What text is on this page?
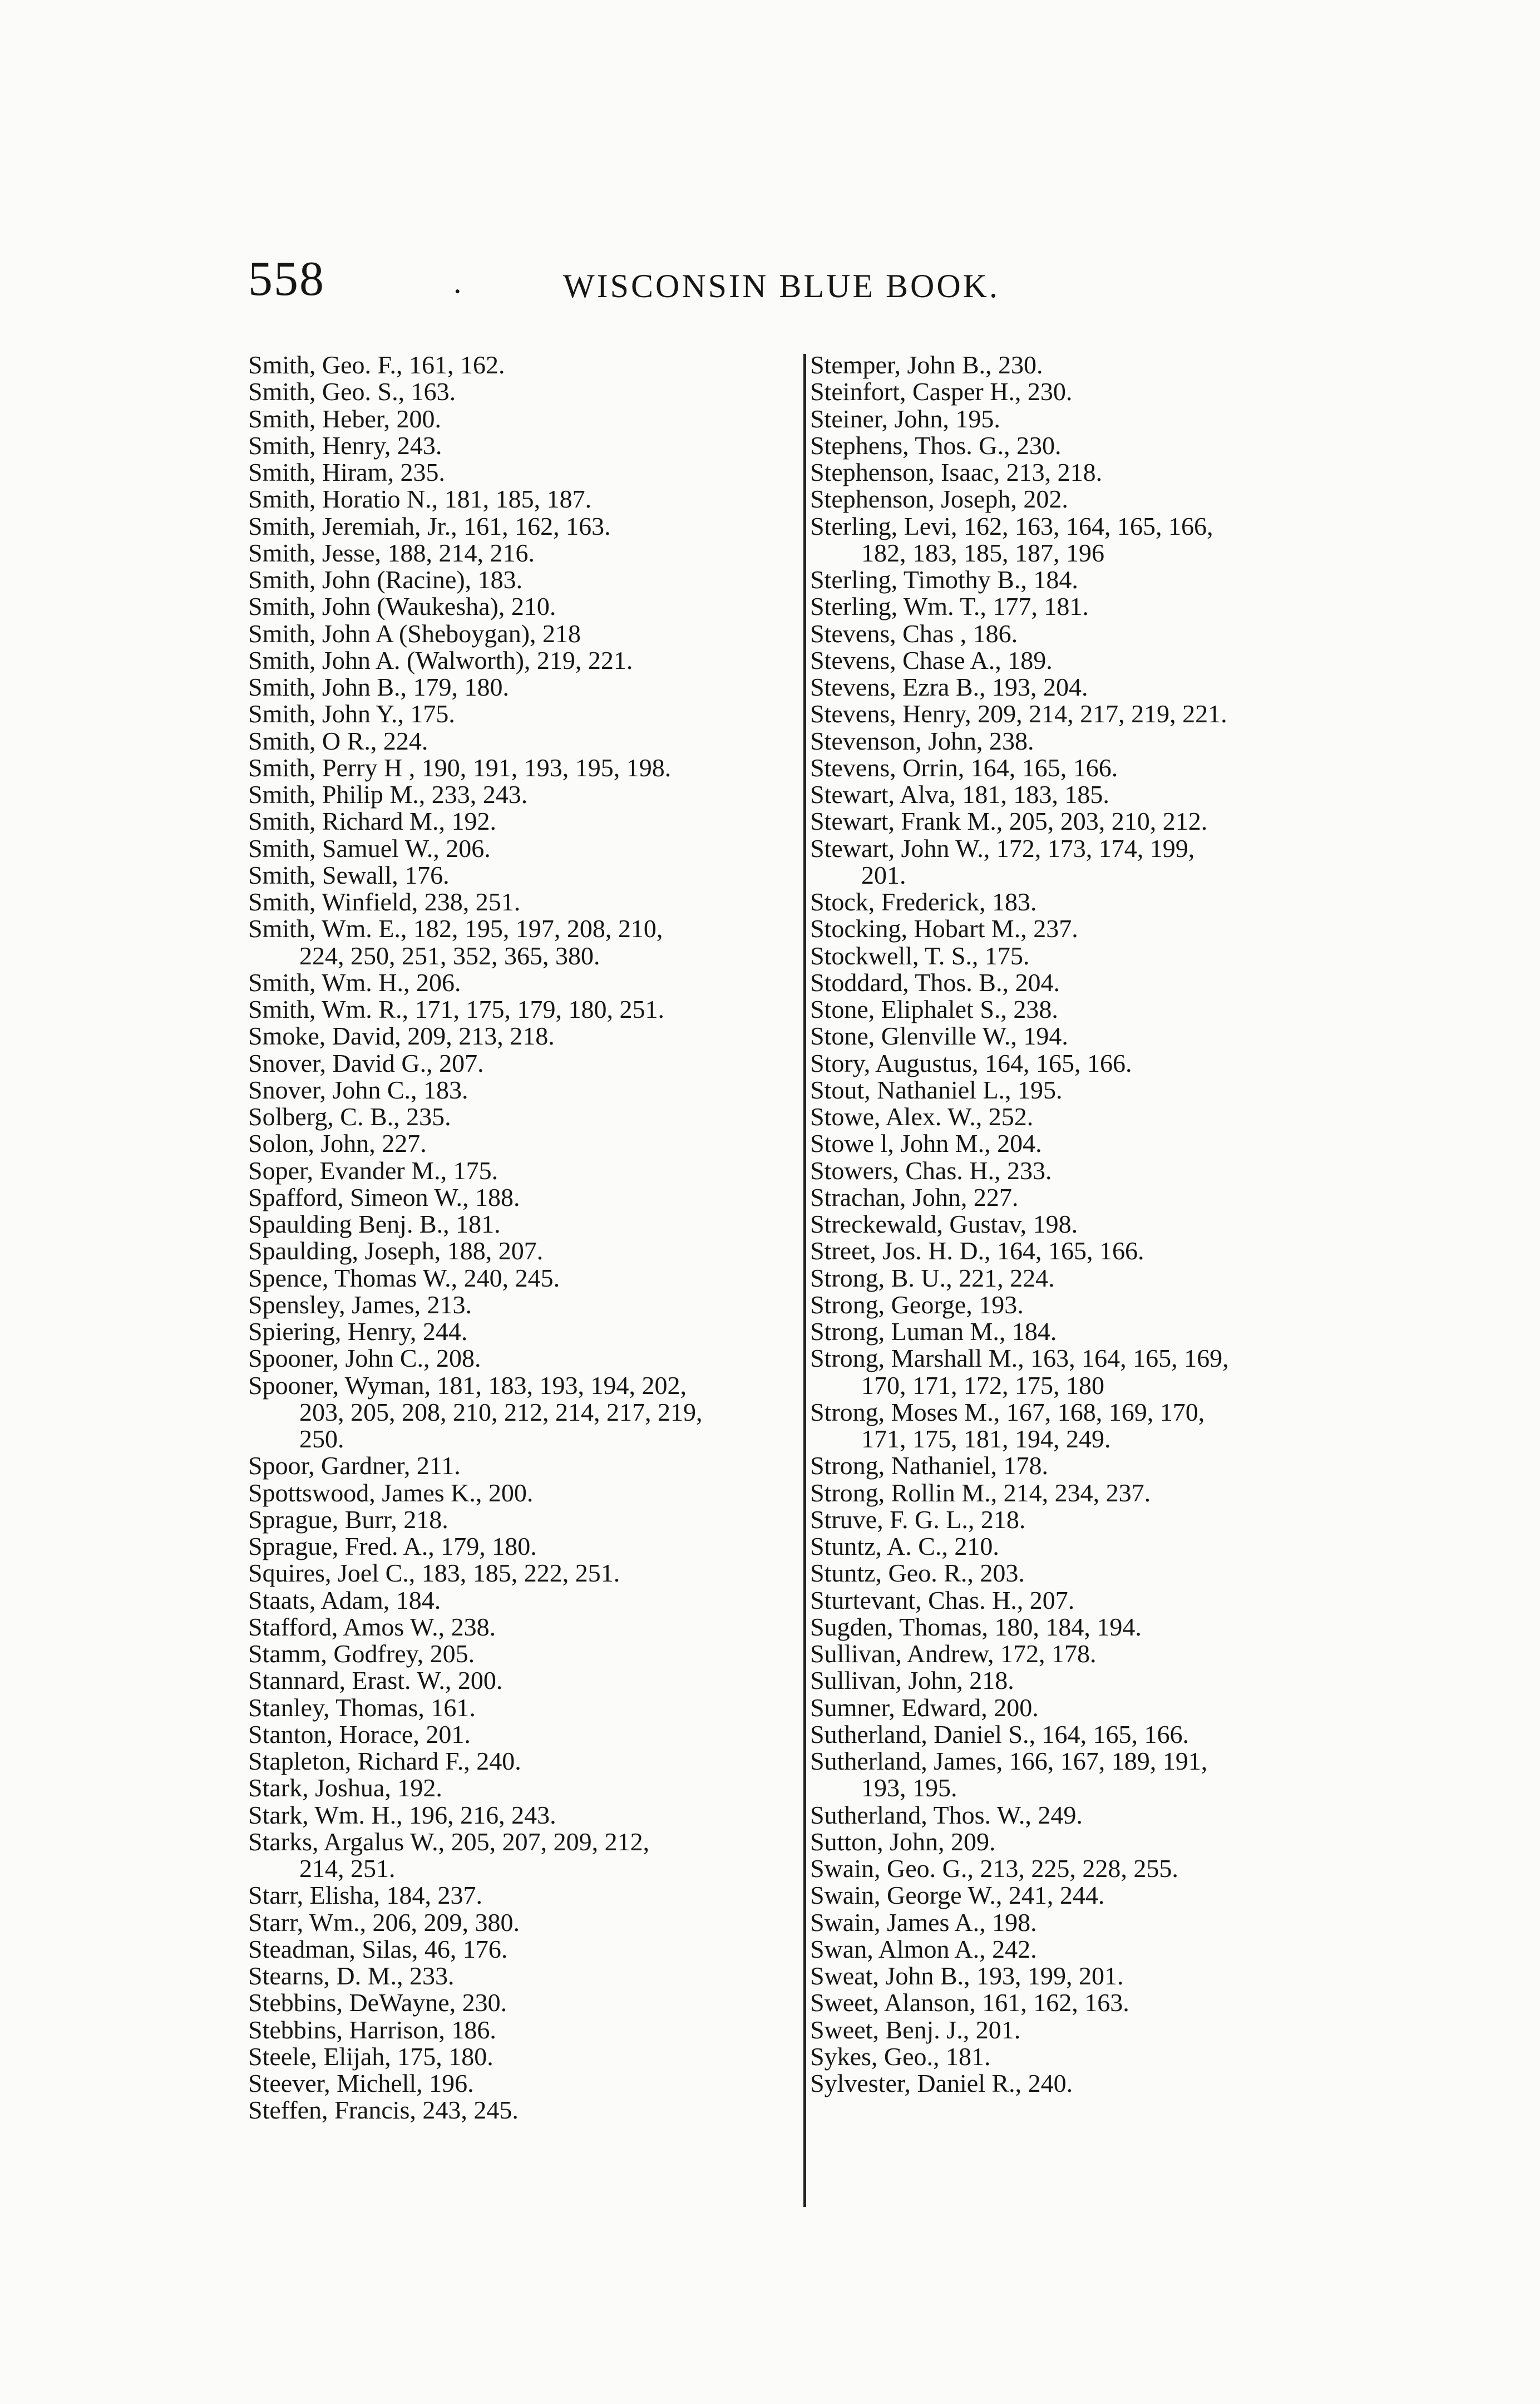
558	.	WISCONSIN BLUE BOOK.
Smith, Geo. F., 161, 162.
Smith, Geo. S., 163.
Smith, Heber, 200.
Smith, Henry, 243.
Smith, Hiram, 235.
Smith, Horatio N., 181, 185, 187.
Smith, Jeremiah, Jr., 161, 162, 163.
Smith, Jesse, 188, 214, 216.
Smith, John (Racine), 183.
Smith, John (Waukesha), 210.
Smith, John A (Sheboygan), 218
Smith, John A. (Walworth), 219, 221.
Smith, John B., 179, 180.
Smith, John Y., 175.
Smith, O R., 224.
Smith, Perry H , 190, 191, 193, 195, 198.
Smith, Philip M., 233, 243.
Smith, Richard M., 192.
Smith, Samuel W., 206.
Smith, Sewall, 176.
Smith, Winfield, 238, 251.
Smith, Wm. E., 182, 195, 197, 208, 210,
224, 250, 251, 352, 365, 380.
Smith, Wm. H., 206.
Smith, Wm. R., 171, 175, 179, 180, 251.
Smoke, David, 209, 213, 218.
Snover, David G., 207.
Snover, John C., 183.
Solberg, C. B., 235.
Solon, John, 227.
Soper, Evander M., 175.
Spafford, Simeon W., 188.
Spaulding Benj. B., 181.
Spaulding, Joseph, 188, 207.
Spence, Thomas W., 240, 245.
Spensley, James, 213.
Spiering, Henry, 244.
Spooner, John C., 208.
Spooner, Wyman, 181, 183, 193, 194, 202,
203, 205, 208, 210, 212, 214, 217, 219,
250.
Spoor, Gardner, 211.
Spottswood, James K., 200.
Sprague, Burr, 218.
Sprague, Fred. A., 179, 180.
Squires, Joel C., 183, 185, 222, 251.
Staats, Adam, 184.
Stafford, Amos W., 238.
Stamm, Godfrey, 205.
Stannard, Erast. W., 200.
Stanley, Thomas, 161.
Stanton, Horace, 201.
Stapleton, Richard F., 240.
Stark, Joshua, 192.
Stark, Wm. H., 196, 216, 243.
Starks, Argalus W., 205, 207, 209, 212,
214, 251.
Starr, Elisha, 184, 237.
Starr, Wm., 206, 209, 380.
Steadman, Silas, 46, 176.
Stearns, D. M., 233.
Stebbins, DeWayne, 230.
Stebbins, Harrison, 186.
Steele, Elijah, 175, 180.
Steever, Michell, 196.
Steffen, Francis, 243, 245.
Stemper, John B., 230.
Steinfort, Casper H., 230.
Steiner, John, 195.
Stephens, Thos. G., 230.
Stephenson, Isaac, 213, 218.
Stephenson, Joseph, 202.
Sterling, Levi, 162, 163, 164, 165, 166,
182, 183, 185, 187, 196
Sterling, Timothy B., 184.
Sterling, Wm. T., 177, 181.
Stevens, Chas , 186.
Stevens, Chase A., 189.
Stevens, Ezra B., 193, 204.
Stevens, Henry, 209, 214, 217, 219, 221.
Stevenson, John, 238.
Stevens, Orrin, 164, 165, 166.
Stewart, Alva, 181, 183, 185.
Stewart, Frank M., 205, 203, 210, 212.
Stewart, John W., 172, 173, 174, 199,
201.
Stock, Frederick, 183.
Stocking, Hobart M., 237.
Stockwell, T. S., 175.
Stoddard, Thos. B., 204.
Stone, Eliphalet S., 238.
Stone, Glenville W., 194.
Story, Augustus, 164, 165, 166.
Stout, Nathaniel L., 195.
Stowe, Alex. W., 252.
Stowe l, John M., 204.
Stowers, Chas. H., 233.
Strachan, John, 227.
Streckewald, Gustav, 198.
Street, Jos. H. D., 164, 165, 166.
Strong, B. U., 221, 224.
Strong, George, 193.
Strong, Luman M., 184.
Strong, Marshall M., 163, 164, 165, 169,
170, 171, 172, 175, 180
Strong, Moses M., 167, 168, 169, 170,
171, 175, 181, 194, 249.
Strong, Nathaniel, 178.
Strong, Rollin M., 214, 234, 237.
Struve, F. G. L., 218.
Stuntz, A. C., 210.
Stuntz, Geo. R., 203.
Sturtevant, Chas. H., 207.
Sugden, Thomas, 180, 184, 194.
Sullivan, Andrew, 172, 178.
Sullivan, John, 218.
Sumner, Edward, 200.
Sutherland, Daniel S., 164, 165, 166.
Sutherland, James, 166, 167, 189, 191,
193, 195.
Sutherland, Thos. W., 249.
Sutton, John, 209.
Swain, Geo. G., 213, 225, 228, 255.
Swain, George W., 241, 244.
Swain, James A., 198.
Swan, Almon A., 242.
Sweat, John B., 193, 199, 201.
Sweet, Alanson, 161, 162, 163.
Sweet, Benj. J., 201.
Sykes, Geo., 181.
Sylvester, Daniel R., 240.
